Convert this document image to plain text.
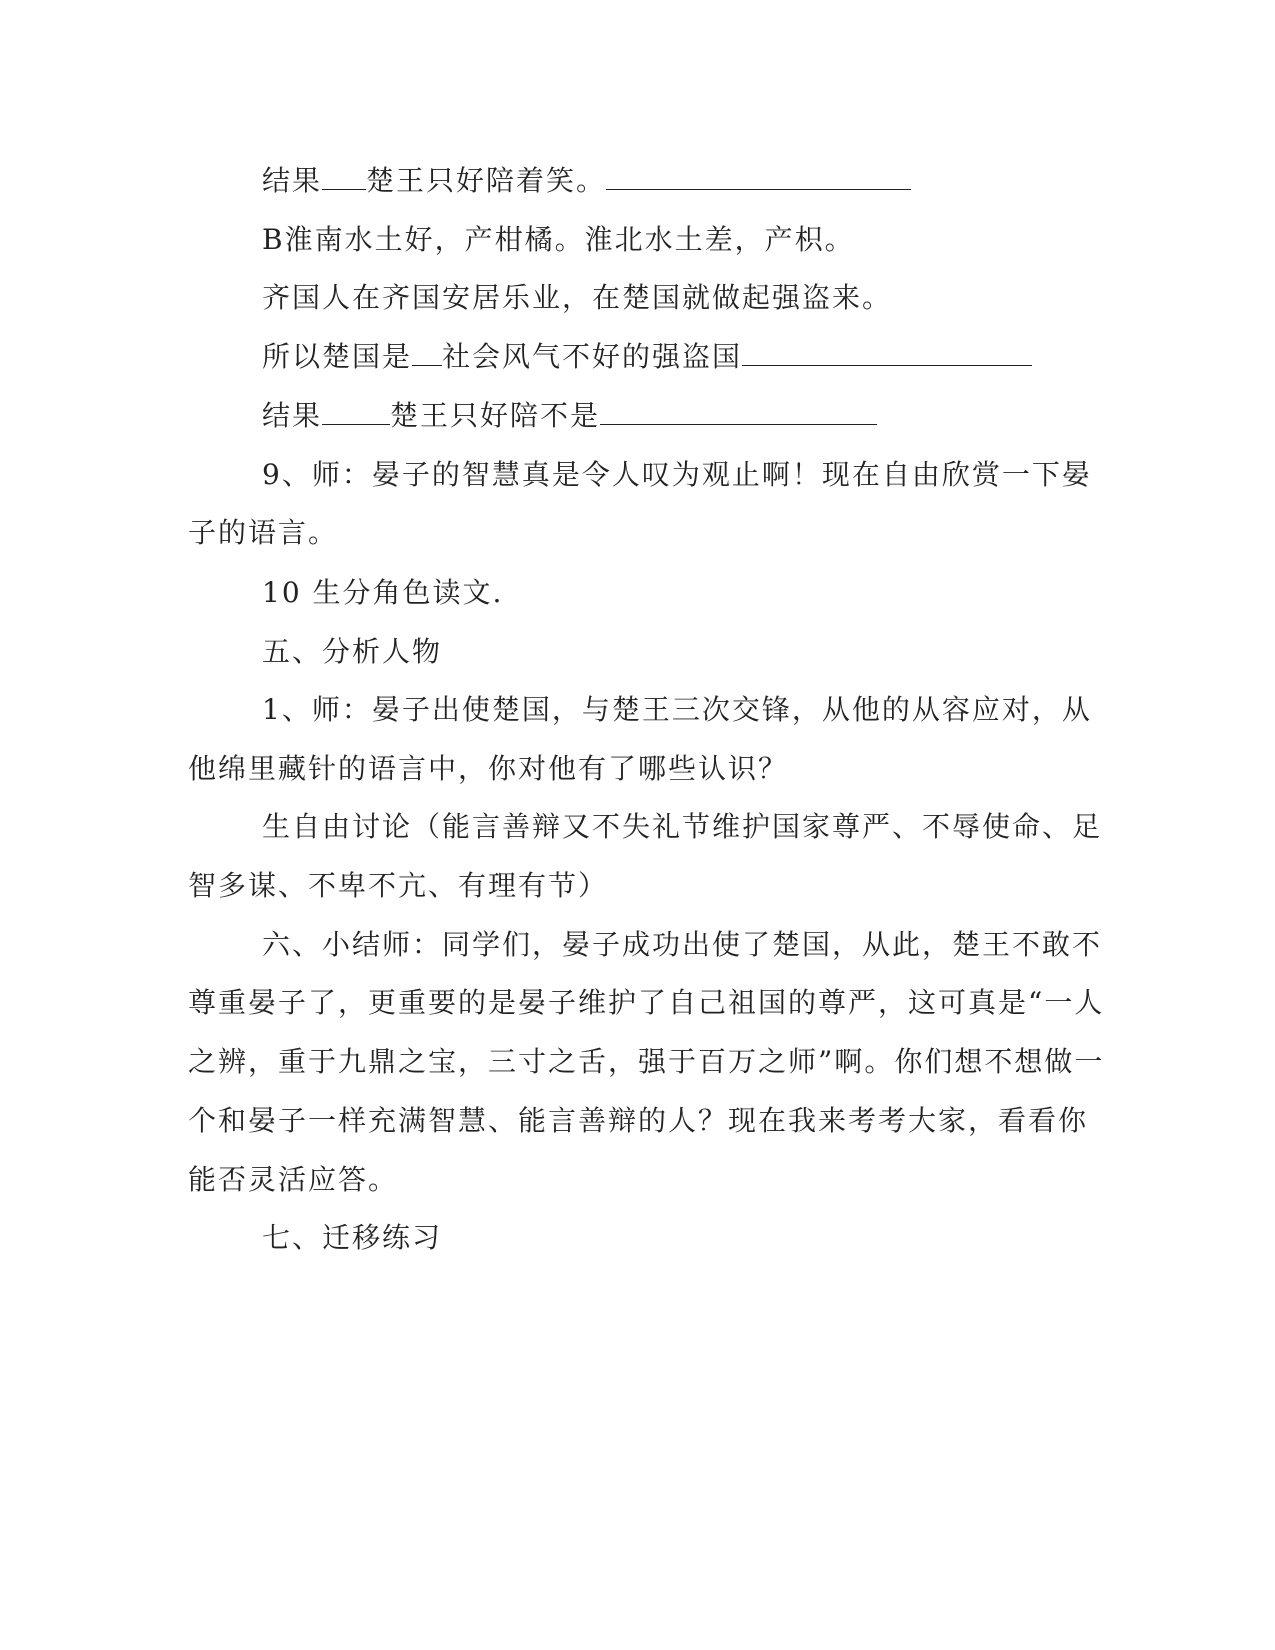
结果 楚王只好陪着笑。

B淮南水土好，产柑橘。淮北水土差，产枳。

齐国人在齐国安居乐业，在楚国就做起强盗来。

所以楚国是 社会风气不好的强盗国

结果 楚王只好陪不是

9、师：晏子的智慧真是令人叹为观止啊！现在自由欣赏一下晏

子的语言。

10 生分角色读文.

五、分析人物

1、师：晏子出使楚国，与楚王三次交锋，从他的从容应对，从

他绵里藏针的语言中，你对他有了哪些认识？

生自由讨论（能言善辩又不失礼节维护国家尊严、不辱使命、足

智多谋、不卑不亢、有理有节）

六、小结师：同学们，晏子成功出使了楚国，从此，楚王不敢不

尊重晏子了，更重要的是晏子维护了自己祖国的尊严，这可真是“一人

之辨，重于九鼎之宝，三寸之舌，强于百万之师”啊。你们想不想做一

个和晏子一样充满智慧、能言善辩的人？现在我来考考大家，看看你

能否灵活应答。

七、迁移练习
